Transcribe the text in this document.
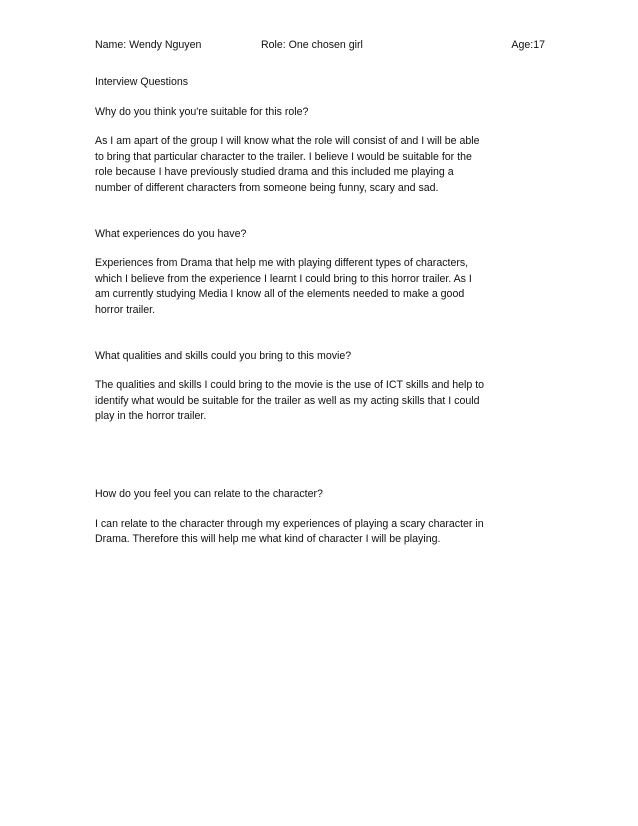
Name: Wendy Nguyen	Role: One chosen girl	Age:17
Interview Questions

Why do you think you're suitable for this role?

As I am apart of the group I will know what the role will consist of and I will be able
to bring that particular character to the trailer. I believe I would be suitable for the
role because I have previously studied drama and this included me playing a
number of different characters from someone being funny, scary and sad.

What experiences do you have?

Experiences from Drama that help me with playing different types of characters,
which I believe from the experience I learnt I could bring to this horror trailer. As I
am currently studying Media I know all of the elements needed to make a good
horror trailer.

What qualities and skills could you bring to this movie?

The qualities and skills I could bring to the movie is the use of ICT skills and help to
identify what would be suitable for the trailer as well as my acting skills that I could
play in the horror trailer.

How do you feel you can relate to the character?

I can relate to the character through my experiences of playing a scary character in
Drama. Therefore this will help me what kind of character I will be playing.
